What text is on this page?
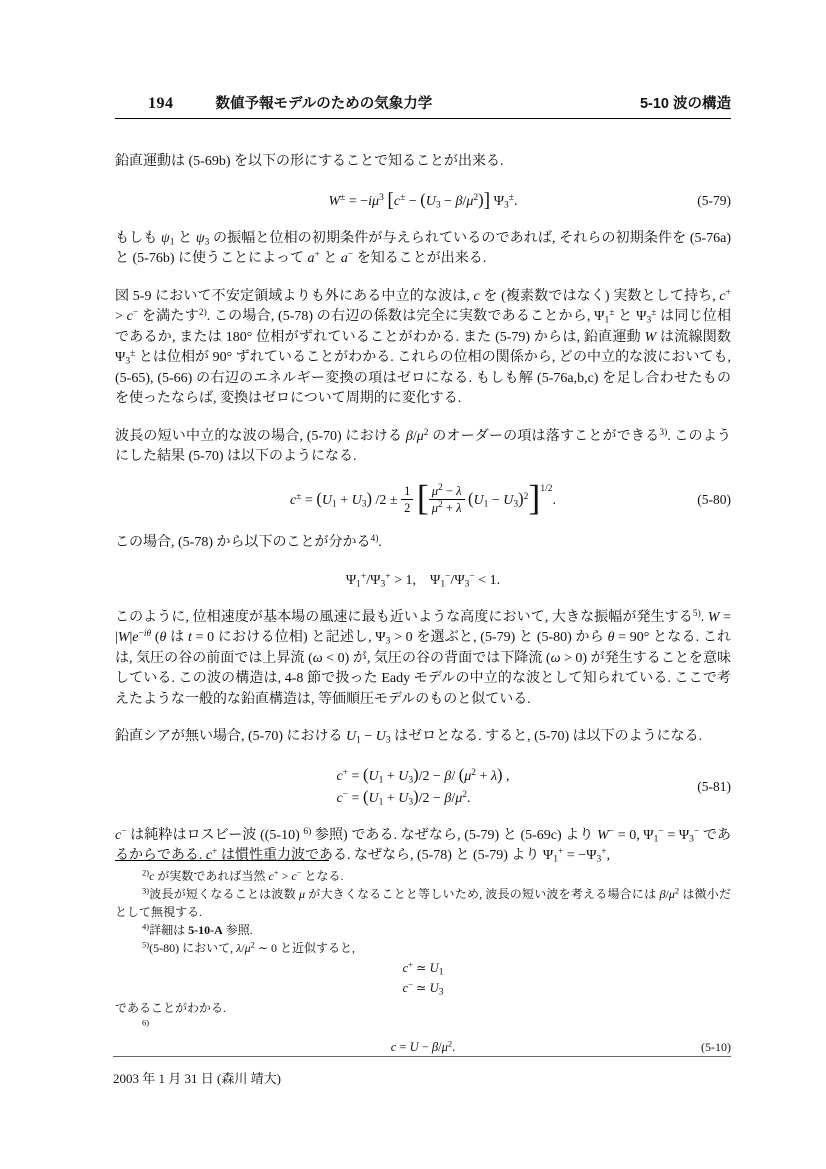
194	数値予報モデルのための気象力学	5-10 波の構造

鉛直運動は (5-69b) を以下の形にすることで知ることが出来る.

$W^\pm = -i\mu^3$ $[c^\pm - (U_3 - \beta/\mu^2)]$ $\Psi_3^\pm$.	(5-79)

もしも $\psi_1$ と $\psi_3$ の振幅と位相の初期条件が与えられているのであれば, それらの初期条件を (5-76a) と (5-76b) に使うことによって a+ と a− を知ることが出来る.

図 5-9 において不安定領域よりも外にある中立的な波は, c を (複素数ではなく) 実数として持ち, c+ > c− を満たす$^{2)}$. この場合, (5-78) の右辺の係数は完全に実数であることから, $\Psi_1^\pm$ と $\Psi_3^\pm$ は同じ位相であるか, または 180° 位相がずれていることがわかる. また (5-79) からは, 鉛直運動 W は流線関数 $\Psi_3^\pm$ とは位相が 90° ずれていることがわかる. これらの位相の関係から, どの中立的な波においても, (5-65), (5-66) の右辺のエネルギー変換の項はゼロになる. もしも解 (5-76a,b,c) を足し合わせたものを使ったならば, 変換はゼロについて周期的に変化する.

波長の短い中立的な波の場合, (5-70) における $\beta/\mu^2$ のオーダーの項は落すことができる$^{3)}$. このようにした結果 (5-70) は以下のようになる.

$c^\pm = (U_1 + U_3) /2 \pm \frac{1}{2}$ [ $\frac{\mu^2 - \lambda}{\mu^2 + \lambda} (U_1 - U_3)^2]^{1/2}$.	(5-80)

この場合, (5-78) から以下のことが分かる$^{4)}$.

$\Psi_1^+/\Psi_3^+ > 1$,    $\Psi_1^-/\Psi_3^- < 1$.

このように, 位相速度が基本場の風速に最も近いような高度において, 大きな振幅が発生する$^{5)}$. $W = |W|e^{-i\theta}$ (θ は t = 0 における位相) と記述し, $\Psi_3 > 0$ を選ぶと, (5-79) と (5-80) から θ = 90° となる. これは, 気圧の谷の前面では上昇流 (ω < 0) が, 気圧の谷の背面では下降流 (ω > 0) が発生することを意味している. この波の構造は, 4-8 節で扱った Eady モデルの中立的な波として知られている. ここで考えたような一般的な鉛直構造は, 等価順圧モデルのものと似ている.

鉛直シアが無い場合, (5-70) における $U_1 - U_3$ はゼロとなる. すると, (5-70) は以下のようになる.

$c^+ = (U_1 + U_3)/2 - \beta/$ $(\mu^2 + \lambda)$ ,
$c^- = (U_1 + U_3)/2 - \beta/\mu^2$.
(5-81)

c− は純粋はロスビー波 ((5-10) $^{6)}$ 参照) である. なぜなら, (5-79) と (5-69c) より W− = 0, $\Psi_1^- = \Psi_3^-$ であるからである. c+ は慣性重力波である. なぜなら, (5-78) と (5-79) より $\Psi_1^+ = -\Psi_3^+$,

$^{2)}$c が実数であれば当然 c+ > c− となる.

$^{3)}$波長が短くなることは波数 μ が大きくなることと等しいため, 波長の短い波を考える場合には $\beta/\mu^2$ は微小だとして無視する.

$^{4)}$詳細は 5-10-A 参照.

$^{5)}$(5-80) において, $\lambda/\mu^2$ ∼ 0 と近似すると,

c+ ≃ $U_1$
c− ≃ $U_3$

であることがわかる.

$^{6)}$

$c = U - \beta/\mu^2$.	(5-10)
2003 年 1 月 31 日 (森川 靖大)
